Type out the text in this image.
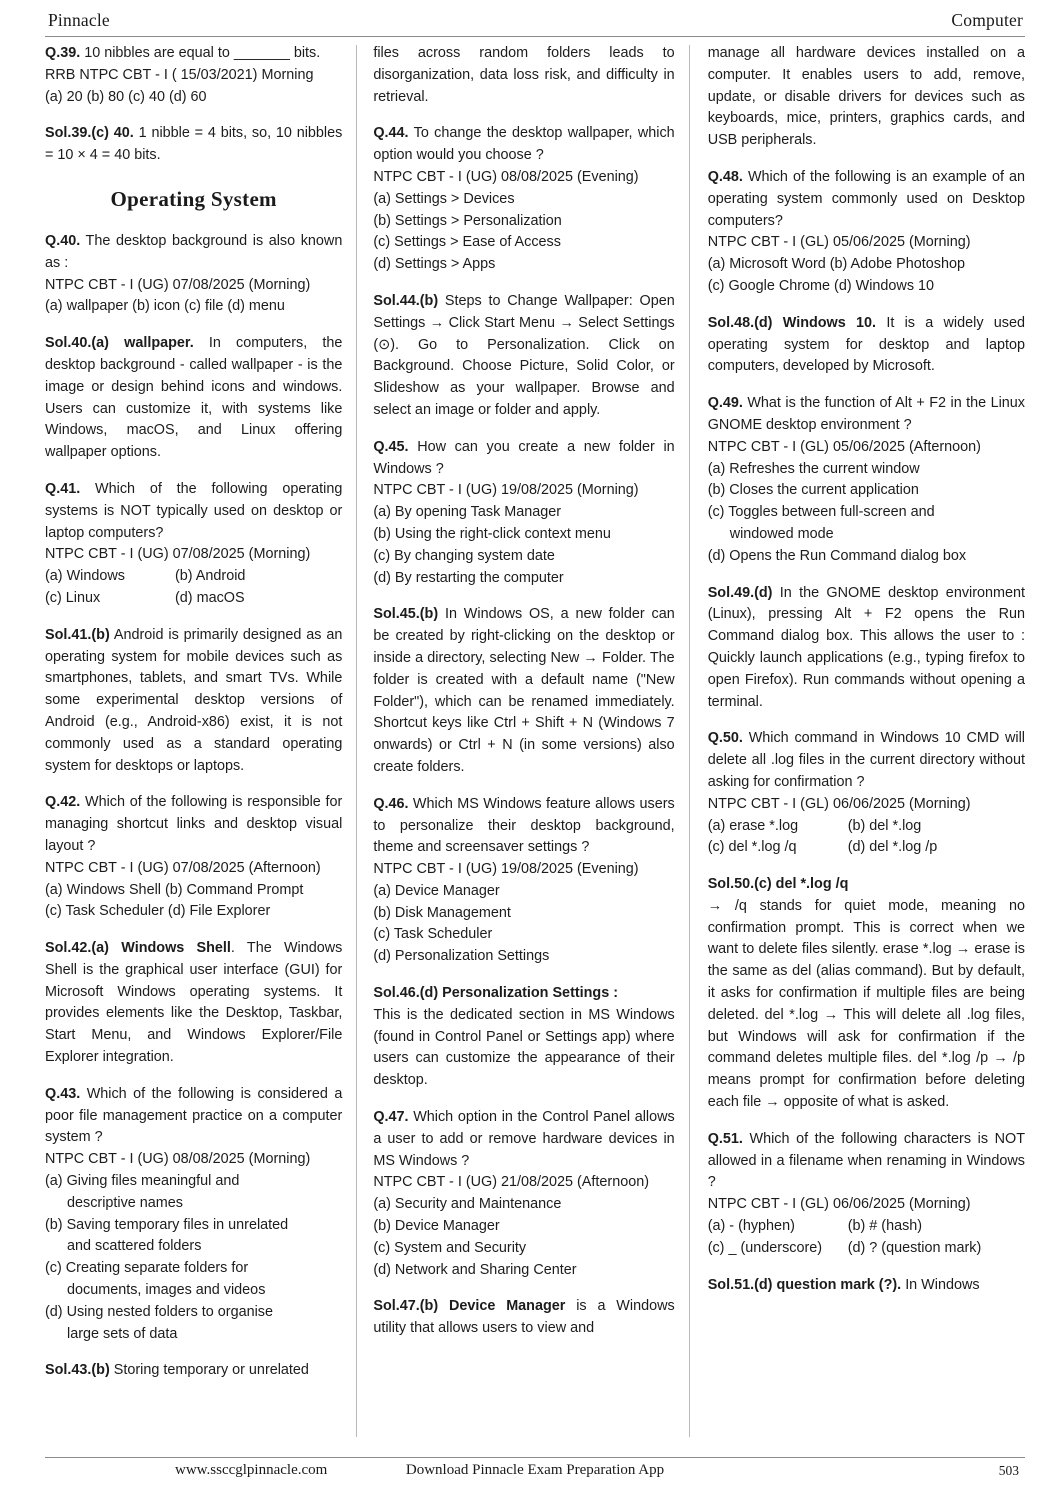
Pinnacle	Computer
Q.39. 10 nibbles are equal to _______ bits.
RRB NTPC CBT - I ( 15/03/2021) Morning
(a) 20 (b) 80 (c) 40 (d) 60
Sol.39.(c) 40. 1 nibble = 4 bits, so, 10 nibbles = 10 × 4 = 40 bits.
Operating System
Q.40. The desktop background is also known as :
NTPC CBT - I (UG) 07/08/2025 (Morning)
(a) wallpaper (b) icon (c) file (d) menu
Sol.40.(a) wallpaper. In computers, the desktop background - called wallpaper - is the image or design behind icons and windows. Users can customize it, with systems like Windows, macOS, and Linux offering wallpaper options.
Q.41. Which of the following operating systems is NOT typically used on desktop or laptop computers?
NTPC CBT - I (UG) 07/08/2025 (Morning)
(a) Windows	(b) Android
(c) Linux	(d) macOS
Sol.41.(b) Android is primarily designed as an operating system for mobile devices such as smartphones, tablets, and smart TVs. While some experimental desktop versions of Android (e.g., Android-x86) exist, it is not commonly used as a standard operating system for desktops or laptops.
Q.42. Which of the following is responsible for managing shortcut links and desktop visual layout ?
NTPC CBT - I (UG) 07/08/2025 (Afternoon)
(a) Windows Shell (b) Command Prompt
(c) Task Scheduler (d) File Explorer
Sol.42.(a) Windows Shell. The Windows Shell is the graphical user interface (GUI) for Microsoft Windows operating systems. It provides elements like the Desktop, Taskbar, Start Menu, and Windows Explorer/File Explorer integration.
Q.43. Which of the following is considered a poor file management practice on a computer system ?
NTPC CBT - I (UG) 08/08/2025 (Morning)
(a) Giving files meaningful and
descriptive names
(b) Saving temporary files in unrelated
and scattered folders
(c) Creating separate folders for
documents, images and videos
(d) Using nested folders to organise
large sets of data
Sol.43.(b) Storing temporary or unrelated
files across random folders leads to disorganization, data loss risk, and difficulty in retrieval.
Q.44. To change the desktop wallpaper, which option would you choose ?
NTPC CBT - I (UG) 08/08/2025 (Evening)
(a) Settings > Devices
(b) Settings > Personalization
(c) Settings > Ease of Access
(d) Settings > Apps
Sol.44.(b) Steps to Change Wallpaper: Open Settings → Click Start Menu → Select Settings (⊙). Go to Personalization. Click on Background. Choose Picture, Solid Color, or Slideshow as your wallpaper. Browse and select an image or folder and apply.
Q.45. How can you create a new folder in Windows ?
NTPC CBT - I (UG) 19/08/2025 (Morning)
(a) By opening Task Manager
(b) Using the right-click context menu
(c) By changing system date
(d) By restarting the computer
Sol.45.(b) In Windows OS, a new folder can be created by right-clicking on the desktop or inside a directory, selecting New → Folder. The folder is created with a default name ("New Folder"), which can be renamed immediately. Shortcut keys like Ctrl + Shift + N (Windows 7 onwards) or Ctrl + N (in some versions) also create folders.
Q.46. Which MS Windows feature allows users to personalize their desktop background, theme and screensaver settings ?
NTPC CBT - I (UG) 19/08/2025 (Evening)
(a) Device Manager
(b) Disk Management
(c) Task Scheduler
(d) Personalization Settings
Sol.46.(d) Personalization Settings :
This is the dedicated section in MS Windows (found in Control Panel or Settings app) where users can customize the appearance of their desktop.
Q.47. Which option in the Control Panel allows a user to add or remove hardware devices in MS Windows ?
NTPC CBT - I (UG) 21/08/2025 (Afternoon)
(a) Security and Maintenance
(b) Device Manager
(c) System and Security
(d) Network and Sharing Center
Sol.47.(b) Device Manager is a Windows utility that allows users to view and
manage all hardware devices installed on a computer. It enables users to add, remove, update, or disable drivers for devices such as keyboards, mice, printers, graphics cards, and USB peripherals.
Q.48. Which of the following is an example of an operating system commonly used on Desktop computers?
NTPC CBT - I (GL) 05/06/2025 (Morning)
(a) Microsoft Word (b) Adobe Photoshop
(c) Google Chrome (d) Windows 10
Sol.48.(d) Windows 10. It is a widely used operating system for desktop and laptop computers, developed by Microsoft.
Q.49. What is the function of Alt + F2 in the Linux GNOME desktop environment ?
NTPC CBT - I (GL) 05/06/2025 (Afternoon)
(a) Refreshes the current window
(b) Closes the current application
(c) Toggles between full-screen and
windowed mode
(d) Opens the Run Command dialog box
Sol.49.(d) In the GNOME desktop environment (Linux), pressing Alt + F2 opens the Run Command dialog box. This allows the user to : Quickly launch applications (e.g., typing firefox to open Firefox). Run commands without opening a terminal.
Q.50. Which command in Windows 10 CMD will delete all .log files in the current directory without asking for confirmation ?
NTPC CBT - I (GL) 06/06/2025 (Morning)
(a) erase *.log	(b) del *.log
(c) del *.log /q	(d) del *.log /p
Sol.50.(c) del *.log /q
→ /q stands for quiet mode, meaning no confirmation prompt. This is correct when we want to delete files silently. erase *.log → erase is the same as del (alias command). But by default, it asks for confirmation if multiple files are being deleted. del *.log → This will delete all .log files, but Windows will ask for confirmation if the command deletes multiple files. del *.log /p → /p means prompt for confirmation before deleting each file → opposite of what is asked.
Q.51. Which of the following characters is NOT allowed in a filename when renaming in Windows ?
NTPC CBT - I (GL) 06/06/2025 (Morning)
(a) - (hyphen)	(b) # (hash)
(c) _ (underscore) (d) ? (question mark)
Sol.51.(d) question mark (?). In Windows
www.ssccglpinnacle.com	Download Pinnacle Exam Preparation App	503
